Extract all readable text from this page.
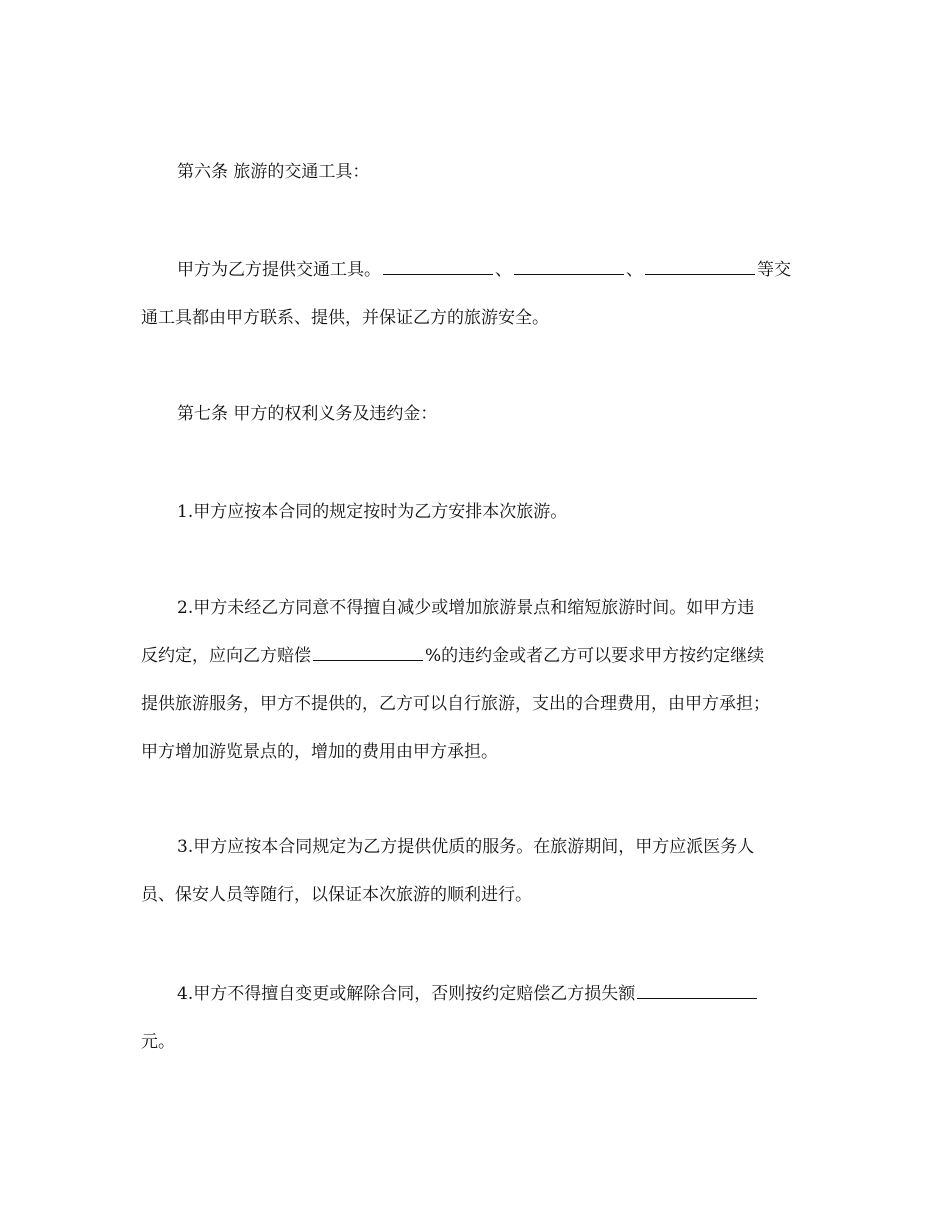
第六条 旅游的交通工具：

甲方为乙方提供交通工具。	、	、	等交
通工具都由甲方联系、提供，并保证乙方的旅游安全。

第七条 甲方的权利义务及违约金：

1.甲方应按本合同的规定按时为乙方安排本次旅游。

2.甲方未经乙方同意不得擅自减少或增加旅游景点和缩短旅游时间。如甲方违
反约定，应向乙方赔偿	%的违约金或者乙方可以要求甲方按约定继续
提供旅游服务，甲方不提供的，乙方可以自行旅游，支出的合理费用，由甲方承担；
甲方增加游览景点的，增加的费用由甲方承担。
3.甲方应按本合同规定为乙方提供优质的服务。在旅游期间，甲方应派医务人
员、保安人员等随行，以保证本次旅游的顺利进行。
4.甲方不得擅自变更或解除合同，否则按约定赔偿乙方损失额
元。
